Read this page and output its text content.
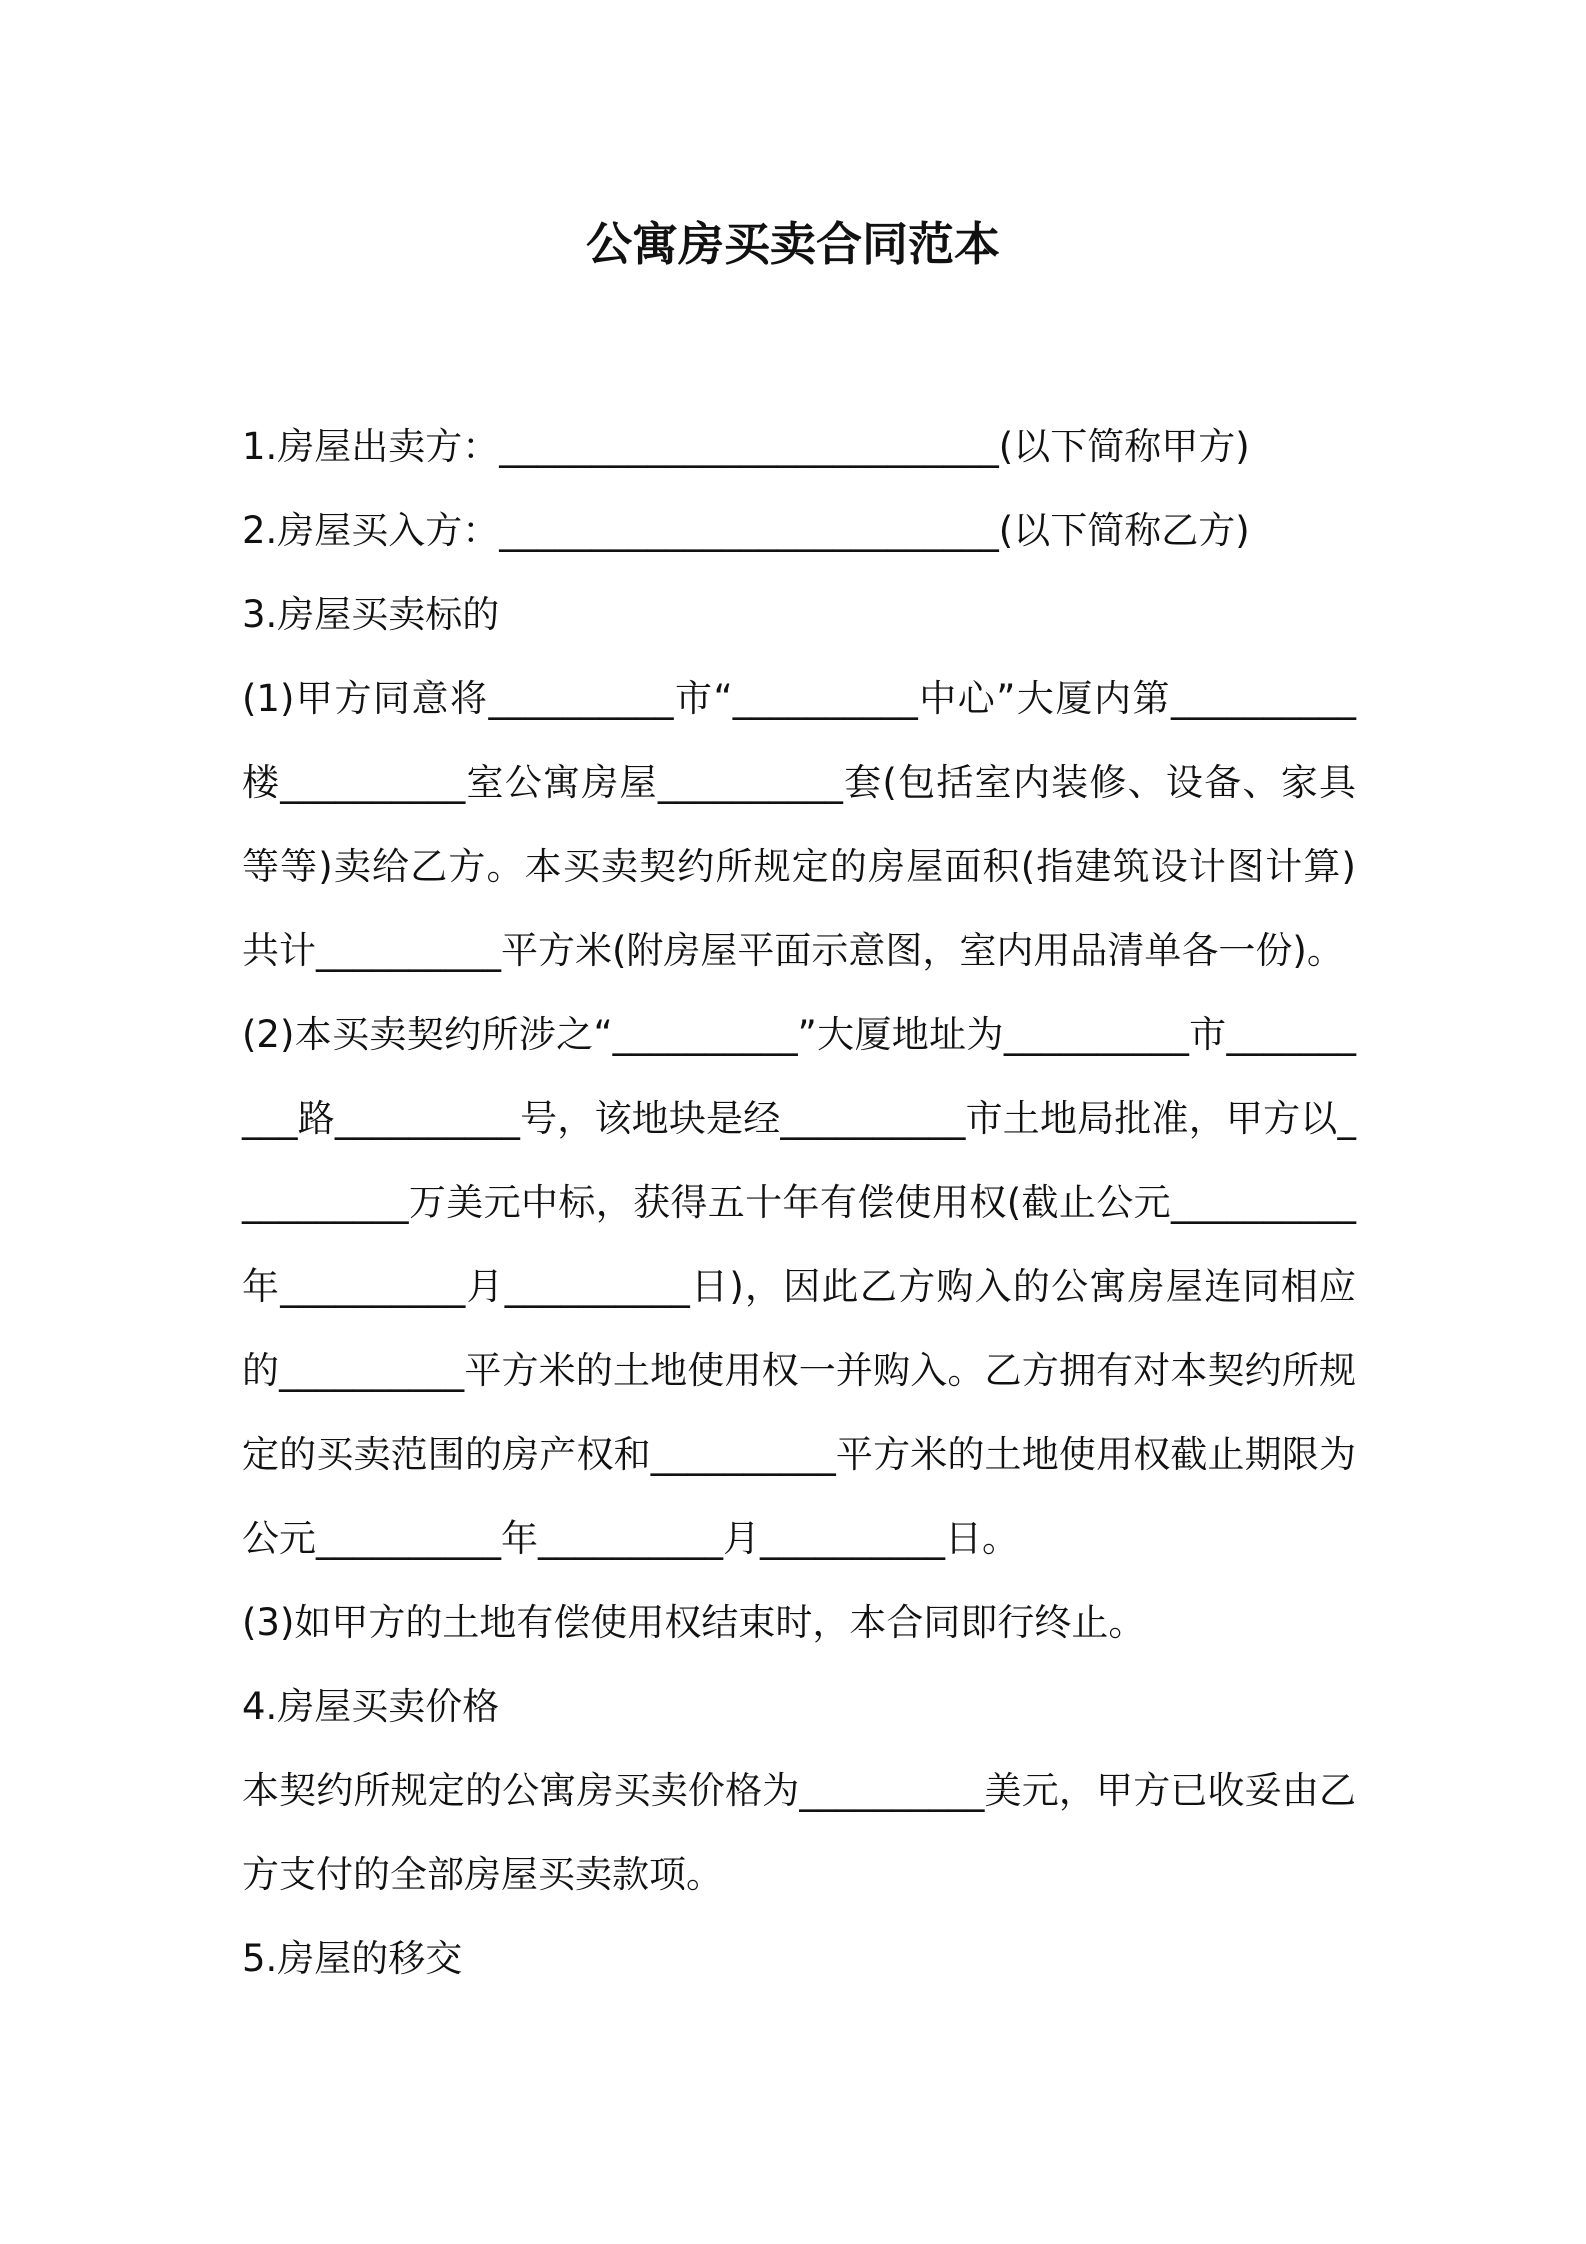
公寓房买卖合同范本

1.房屋出卖方：___________________________(以下简称甲方)

2.房屋买入方：___________________________(以下简称乙方)

3.房屋买卖标的

(1)甲方同意将__________市“__________中心”大厦内第__________楼__________室公寓房屋__________套(包括室内装修、设备、家具等等)卖给乙方。本买卖契约所规定的房屋面积(指建筑设计图计算)共计__________平方米(附房屋平面示意图，室内用品清单各一份)。

(2)本买卖契约所涉之“__________”大厦地址为__________市__________路__________号，该地块是经__________市土地局批准，甲方以__________万美元中标，获得五十年有偿使用权(截止公元__________年__________月__________日)，因此乙方购入的公寓房屋连同相应的__________平方米的土地使用权一并购入。乙方拥有对本契约所规定的买卖范围的房产权和__________平方米的土地使用权截止期限为公元__________年__________月__________日。

(3)如甲方的土地有偿使用权结束时，本合同即行终止。

4.房屋买卖价格

本契约所规定的公寓房买卖价格为__________美元，甲方已收妥由乙方支付的全部房屋买卖款项。

5.房屋的移交
